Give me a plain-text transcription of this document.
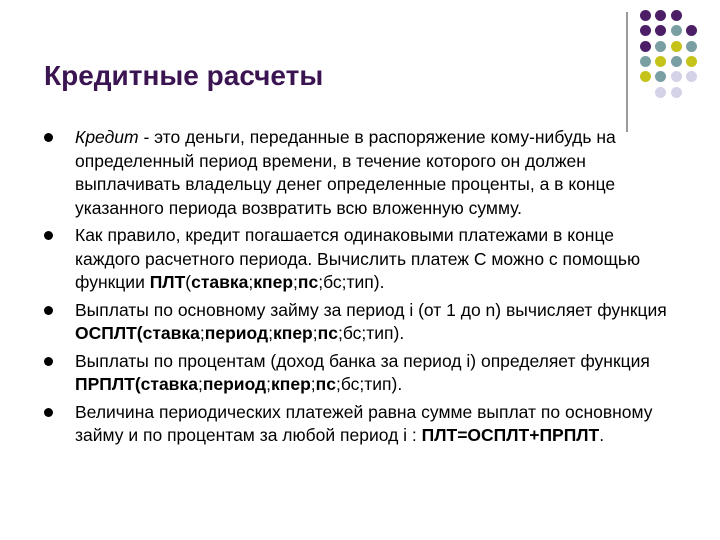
Кредитные расчеты
Кредит - это деньги, переданные в распоряжение кому-нибудь на определенный период времени, в течение которого он должен выплачивать владельцу денег определенные проценты, а в конце указанного периода возвратить всю вложенную сумму.
Как правило, кредит погашается одинаковыми платежами в конце каждого расчетного периода. Вычислить платеж С можно с помощью функции ПЛТ(ставка;кпер;пс;бс;тип).
Выплаты по основному займу за период i (от 1 до n) вычисляет функция ОСПЛТ(ставка;период;кпер;пс;бс;тип).
Выплаты по процентам (доход банка за период i) определяет функция ПРПЛТ(ставка;период;кпер;пс;бс;тип).
Величина периодических платежей равна сумме выплат по основному займу и по процентам за любой период i : ПЛТ=ОСПЛТ+ПРПЛТ.
